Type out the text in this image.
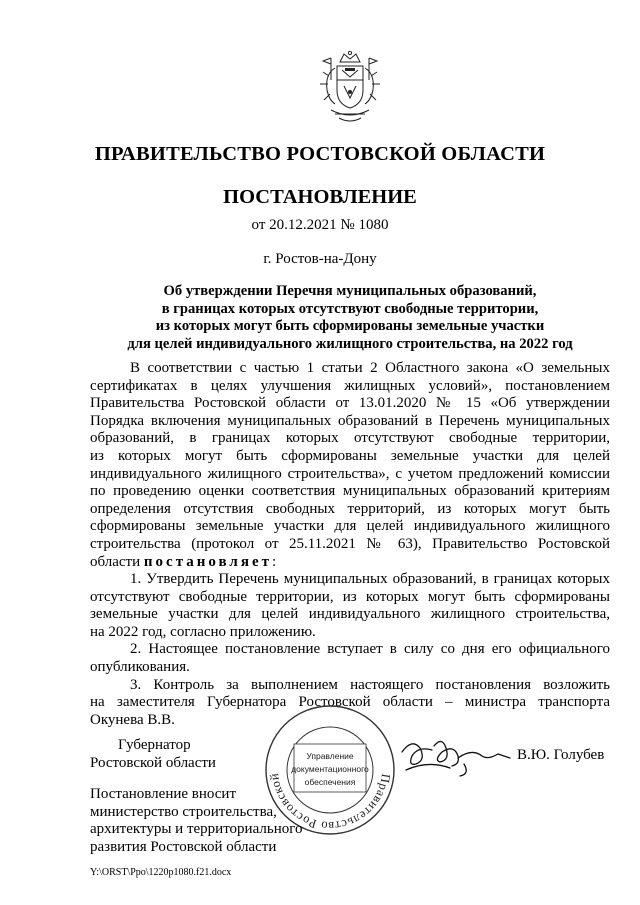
ПРАВИТЕЛЬСТВО РОСТОВСКОЙ ОБЛАСТИ
ПОСТАНОВЛЕНИЕ
от 20.12.2021 № 1080
г. Ростов-на-Дону
Об утверждении Перечня муниципальных образований,
в границах которых отсутствуют свободные территории,
из которых могут быть сформированы земельные участки
для целей индивидуального жилищного строительства, на 2022 год
В соответствии с частью 1 статьи 2 Областного закона «О земельных
сертификатах в целях улучшения жилищных условий», постановлением
Правительства Ростовской области от 13.01.2020 № 15 «Об утверждении
Порядка включения муниципальных образований в Перечень муниципальных
образований, в границах которых отсутствуют свободные территории,
из которых могут быть сформированы земельные участки для целей
индивидуального жилищного строительства», с учетом предложений комиссии
по проведению оценки соответствия муниципальных образований критериям
определения отсутствия свободных территорий, из которых могут быть
сформированы земельные участки для целей индивидуального жилищного
строительства (протокол от 25.11.2021 № 63), Правительство Ростовской
области постановляет:
1. Утвердить Перечень муниципальных образований, в границах которых
отсутствуют свободные территории, из которых могут быть сформированы
земельные участки для целей индивидуального жилищного строительства,
на 2022 год, согласно приложению.
2. Настоящее постановление вступает в силу со дня его официального
опубликования.
3. Контроль за выполнением настоящего постановления возложить
на заместителя Губернатора Ростовской области – министра транспорта
Окунева В.В.
Губернатор
Ростовской области
Правительство Ростовской
Управление
документационного
обеспечения
В.Ю. Голубев
Постановление вносит
министерство строительства,
архитектуры и территориального
развития Ростовской области
Y:\ORST\Ppo\1220p1080.f21.docx
